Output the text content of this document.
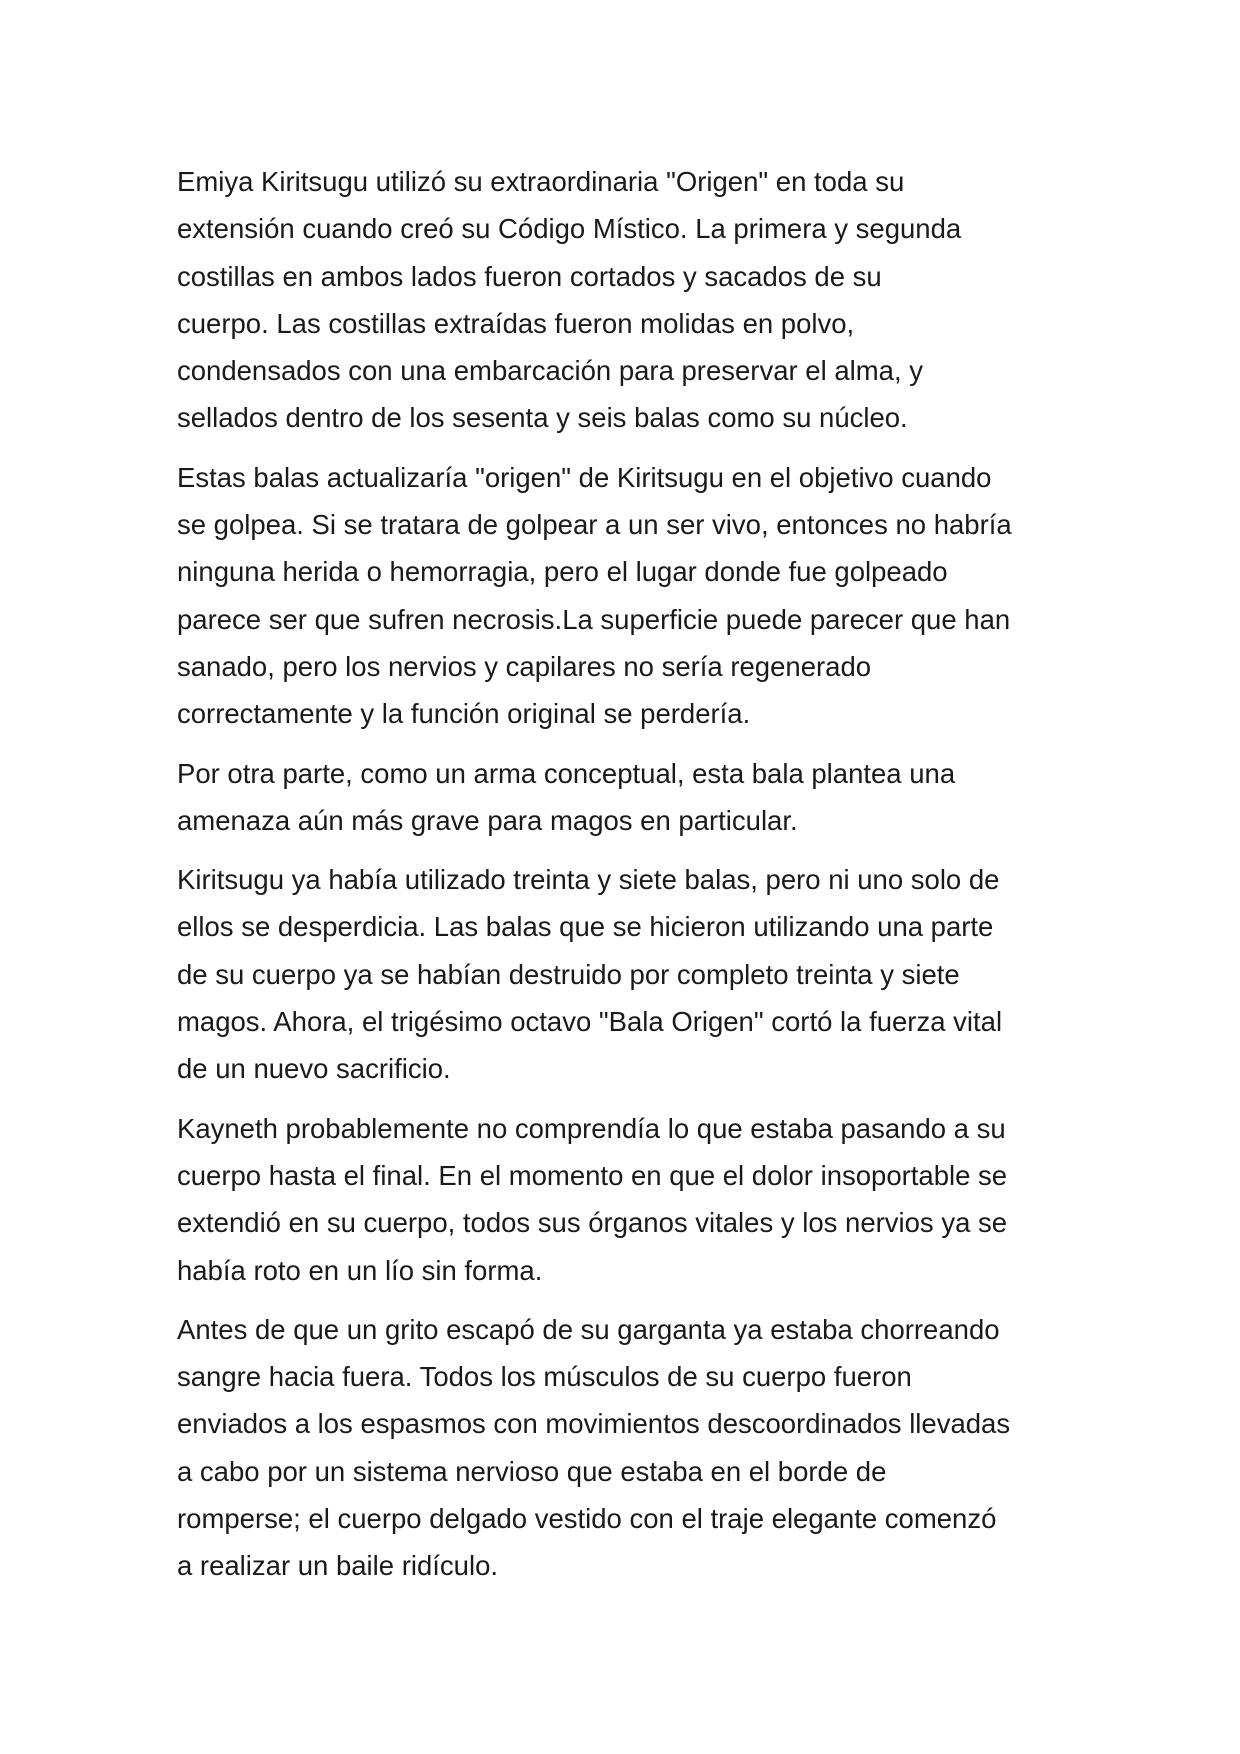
Emiya Kiritsugu utilizó su extraordinaria "Origen" en toda su
extensión cuando creó su Código Místico. La primera y segunda
costillas en ambos lados fueron cortados y sacados de su
cuerpo. Las costillas extraídas fueron molidas en polvo,
condensados con una embarcación para preservar el alma, y
sellados dentro de los sesenta y seis balas como su núcleo.

Estas balas actualizaría "origen" de Kiritsugu en el objetivo cuando
se golpea. Si se tratara de golpear a un ser vivo, entonces no habría
ninguna herida o hemorragia, pero el lugar donde fue golpeado
parece ser que sufren necrosis.La superficie puede parecer que han
sanado, pero los nervios y capilares no sería regenerado
correctamente y la función original se perdería.

Por otra parte, como un arma conceptual, esta bala plantea una
amenaza aún más grave para magos en particular.

Kiritsugu ya había utilizado treinta y siete balas, pero ni uno solo de
ellos se desperdicia. Las balas que se hicieron utilizando una parte
de su cuerpo ya se habían destruido por completo treinta y siete
magos. Ahora, el trigésimo octavo "Bala Origen" cortó la fuerza vital
de un nuevo sacrificio.

Kayneth probablemente no comprendía lo que estaba pasando a su
cuerpo hasta el final. En el momento en que el dolor insoportable se
extendió en su cuerpo, todos sus órganos vitales y los nervios ya se
había roto en un lío sin forma.

Antes de que un grito escapó de su garganta ya estaba chorreando
sangre hacia fuera. Todos los músculos de su cuerpo fueron
enviados a los espasmos con movimientos descoordinados llevadas
a cabo por un sistema nervioso que estaba en el borde de
romperse; el cuerpo delgado vestido con el traje elegante comenzó
a realizar un baile ridículo.
